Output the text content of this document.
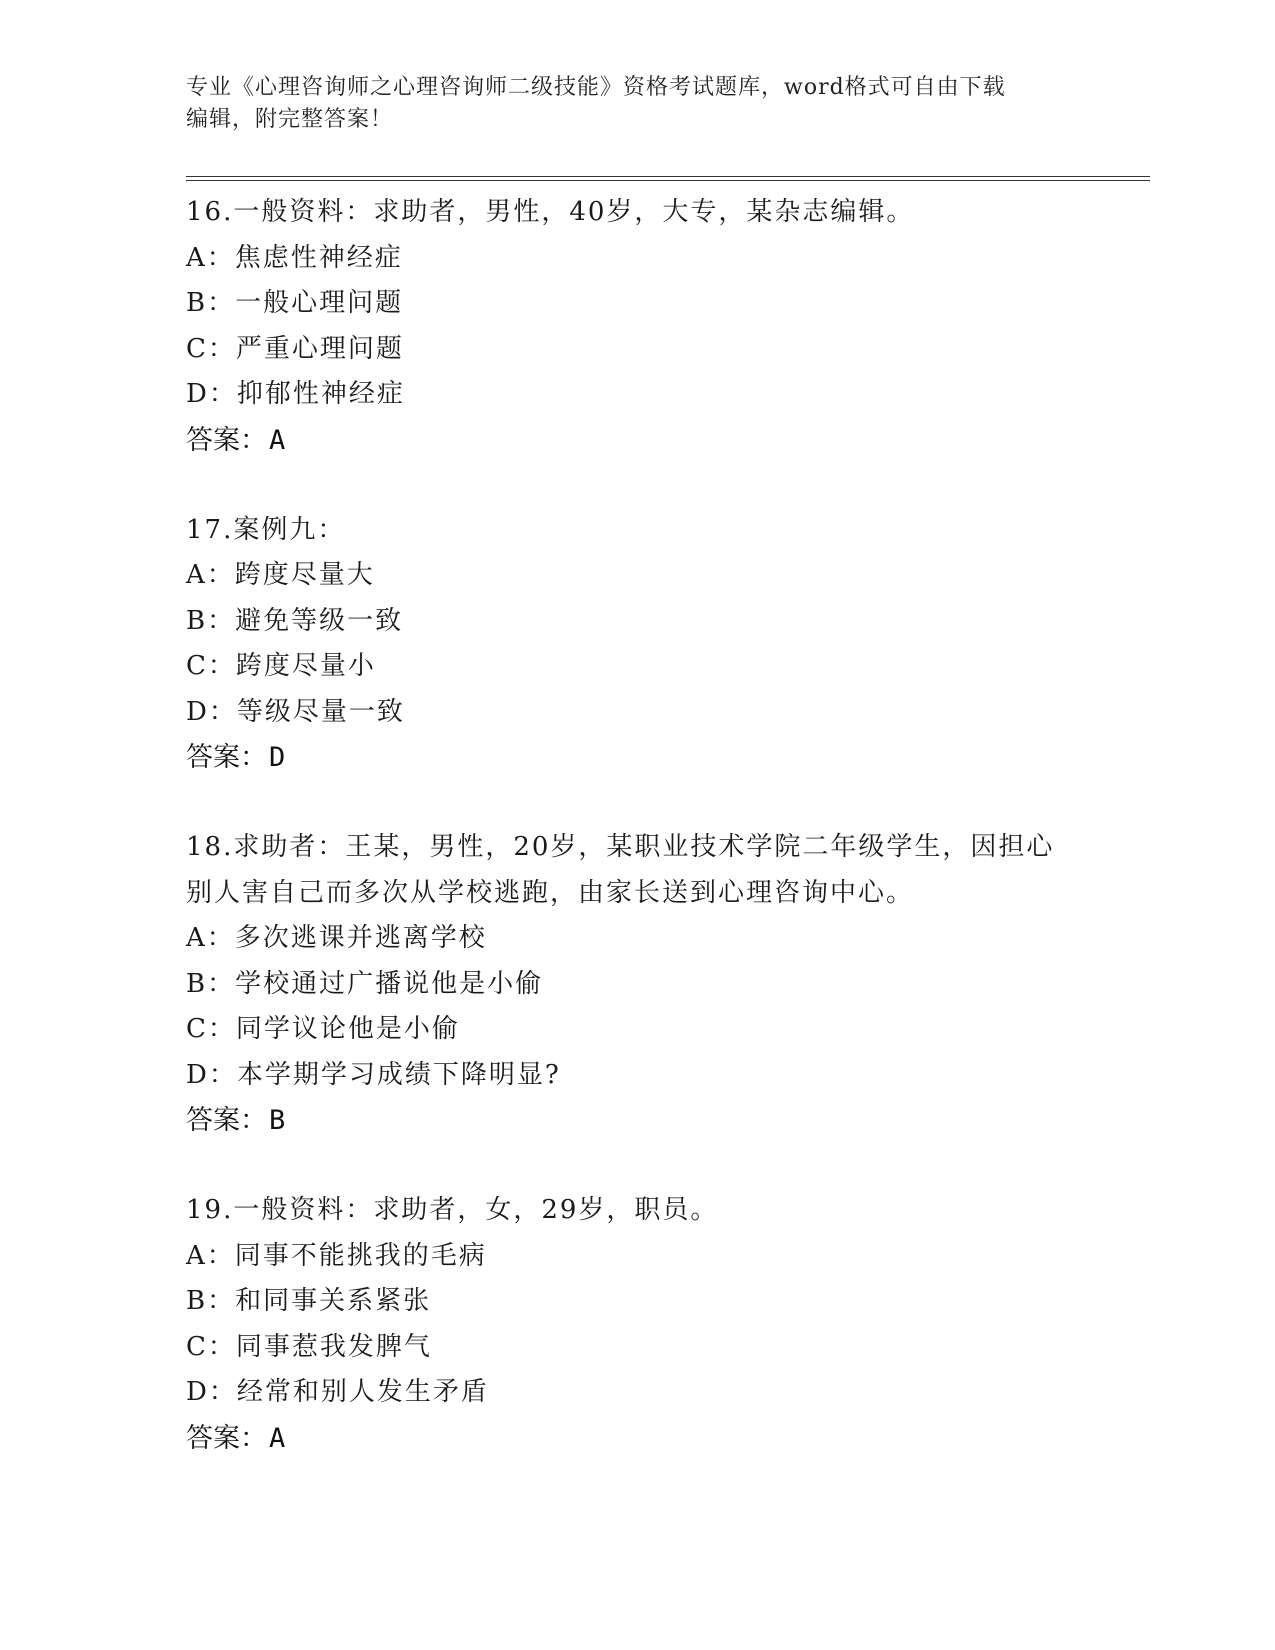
专业《心理咨询师之心理咨询师二级技能》资格考试题库，word格式可自由下载
编辑，附完整答案！
16.一般资料：求助者，男性，40岁，大专，某杂志编辑。
A：焦虑性神经症
B：一般心理问题
C：严重心理问题
D：抑郁性神经症
答案：A
17.案例九：
A：跨度尽量大
B：避免等级一致
C：跨度尽量小
D：等级尽量一致
答案：D
18.求助者：王某，男性，20岁，某职业技术学院二年级学生，因担心
别人害自己而多次从学校逃跑，由家长送到心理咨询中心。
A：多次逃课并逃离学校
B：学校通过广播说他是小偷
C：同学议论他是小偷
D：本学期学习成绩下降明显?
答案：B
19.一般资料：求助者，女，29岁，职员。
A：同事不能挑我的毛病
B：和同事关系紧张
C：同事惹我发脾气
D：经常和别人发生矛盾
答案：A
